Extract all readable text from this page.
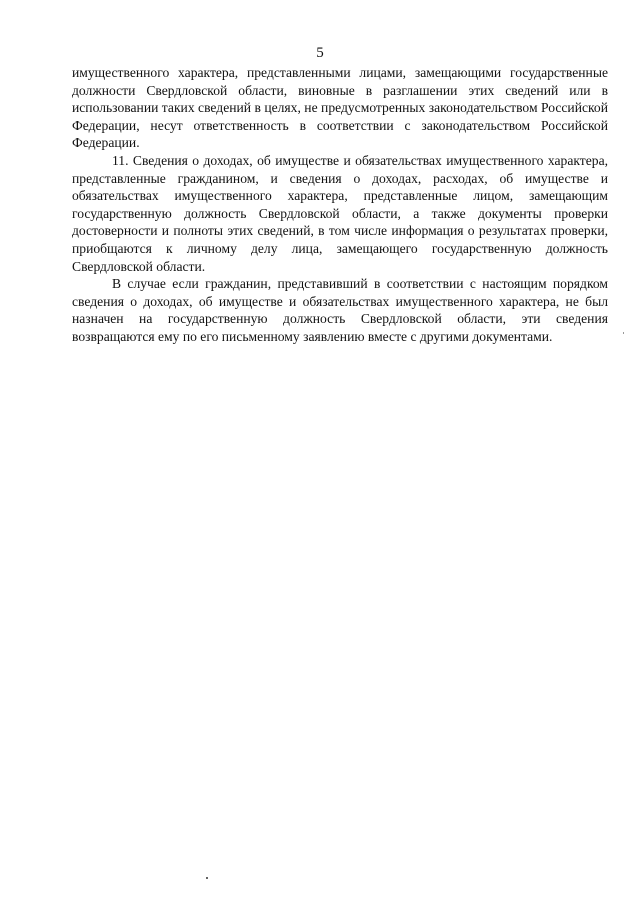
5

имущественного характера, представленными лицами, замещающими государственные должности Свердловской области, виновные в разглашении этих сведений или в использовании таких сведений в целях, не предусмотренных законодательством Российской Федерации, несут ответственность в соответствии с законодательством Российской Федерации.

11. Сведения о доходах, об имуществе и обязательствах имущественного характера, представленные гражданином, и сведения о доходах, расходах, об имуществе и обязательствах имущественного характера, представленные лицом, замещающим государственную должность Свердловской области, а также документы проверки достоверности и полноты этих сведений, в том числе информация о результатах проверки, приобщаются к личному делу лица, замещающего государственную должность Свердловской области.

В случае если гражданин, представивший в соответствии с настоящим порядком сведения о доходах, об имуществе и обязательствах имущественного характера, не был назначен на государственную должность Свердловской области, эти сведения возвращаются ему по его письменному заявлению вместе с другими документами.
